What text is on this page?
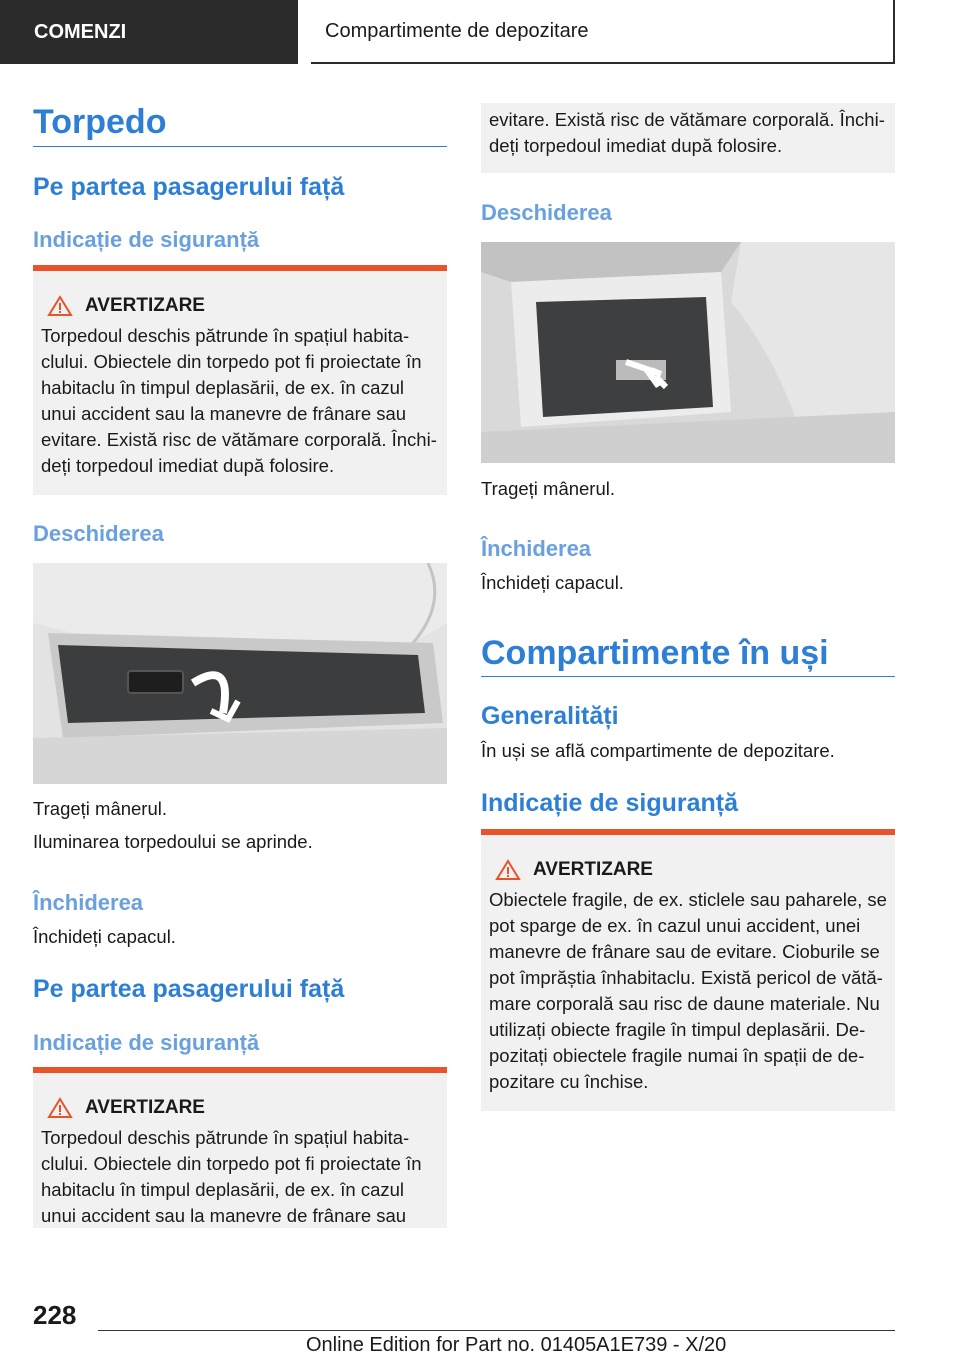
COMENZI	Compartimente de depozitare
Torpedo
Pe partea pasagerului față
Indicație de siguranță
AVERTIZARE
Torpedoul deschis pătrunde în spațiul habita-
clului. Obiectele din torpedo pot fi proiectate în
habitaclu în timpul deplasării, de ex. în cazul
unui accident sau la manevre de frânare sau
evitare. Există risc de vătămare corporală. Închi-
deți torpedoul imediat după folosire.
Deschiderea
Trageți mânerul.
Iluminarea torpedoului se aprinde.
Închiderea
Închideți capacul.
Pe partea pasagerului față
Indicație de siguranță
AVERTIZARE
Torpedoul deschis pătrunde în spațiul habita-
clului. Obiectele din torpedo pot fi proiectate în
habitaclu în timpul deplasării, de ex. în cazul
unui accident sau la manevre de frânare sau
evitare. Există risc de vătămare corporală. Închi-
deți torpedoul imediat după folosire.
Deschiderea
Trageți mânerul.
Închiderea
Închideți capacul.
Compartimente în uși
Generalități
În uși se află compartimente de depozitare.
Indicație de siguranță
AVERTIZARE
Obiectele fragile, de ex. sticlele sau paharele, se
pot sparge de ex. în cazul unui accident, unei
manevre de frânare sau de evitare. Cioburile se
pot împrăștia înhabitaclu. Există pericol de vătă-
mare corporală sau risc de daune materiale. Nu
utilizați obiecte fragile în timpul deplasării. De-
pozitați obiectele fragile numai în spații de de-
pozitare cu închise.
228
Online Edition for Part no. 01405A1E739 - X/20
